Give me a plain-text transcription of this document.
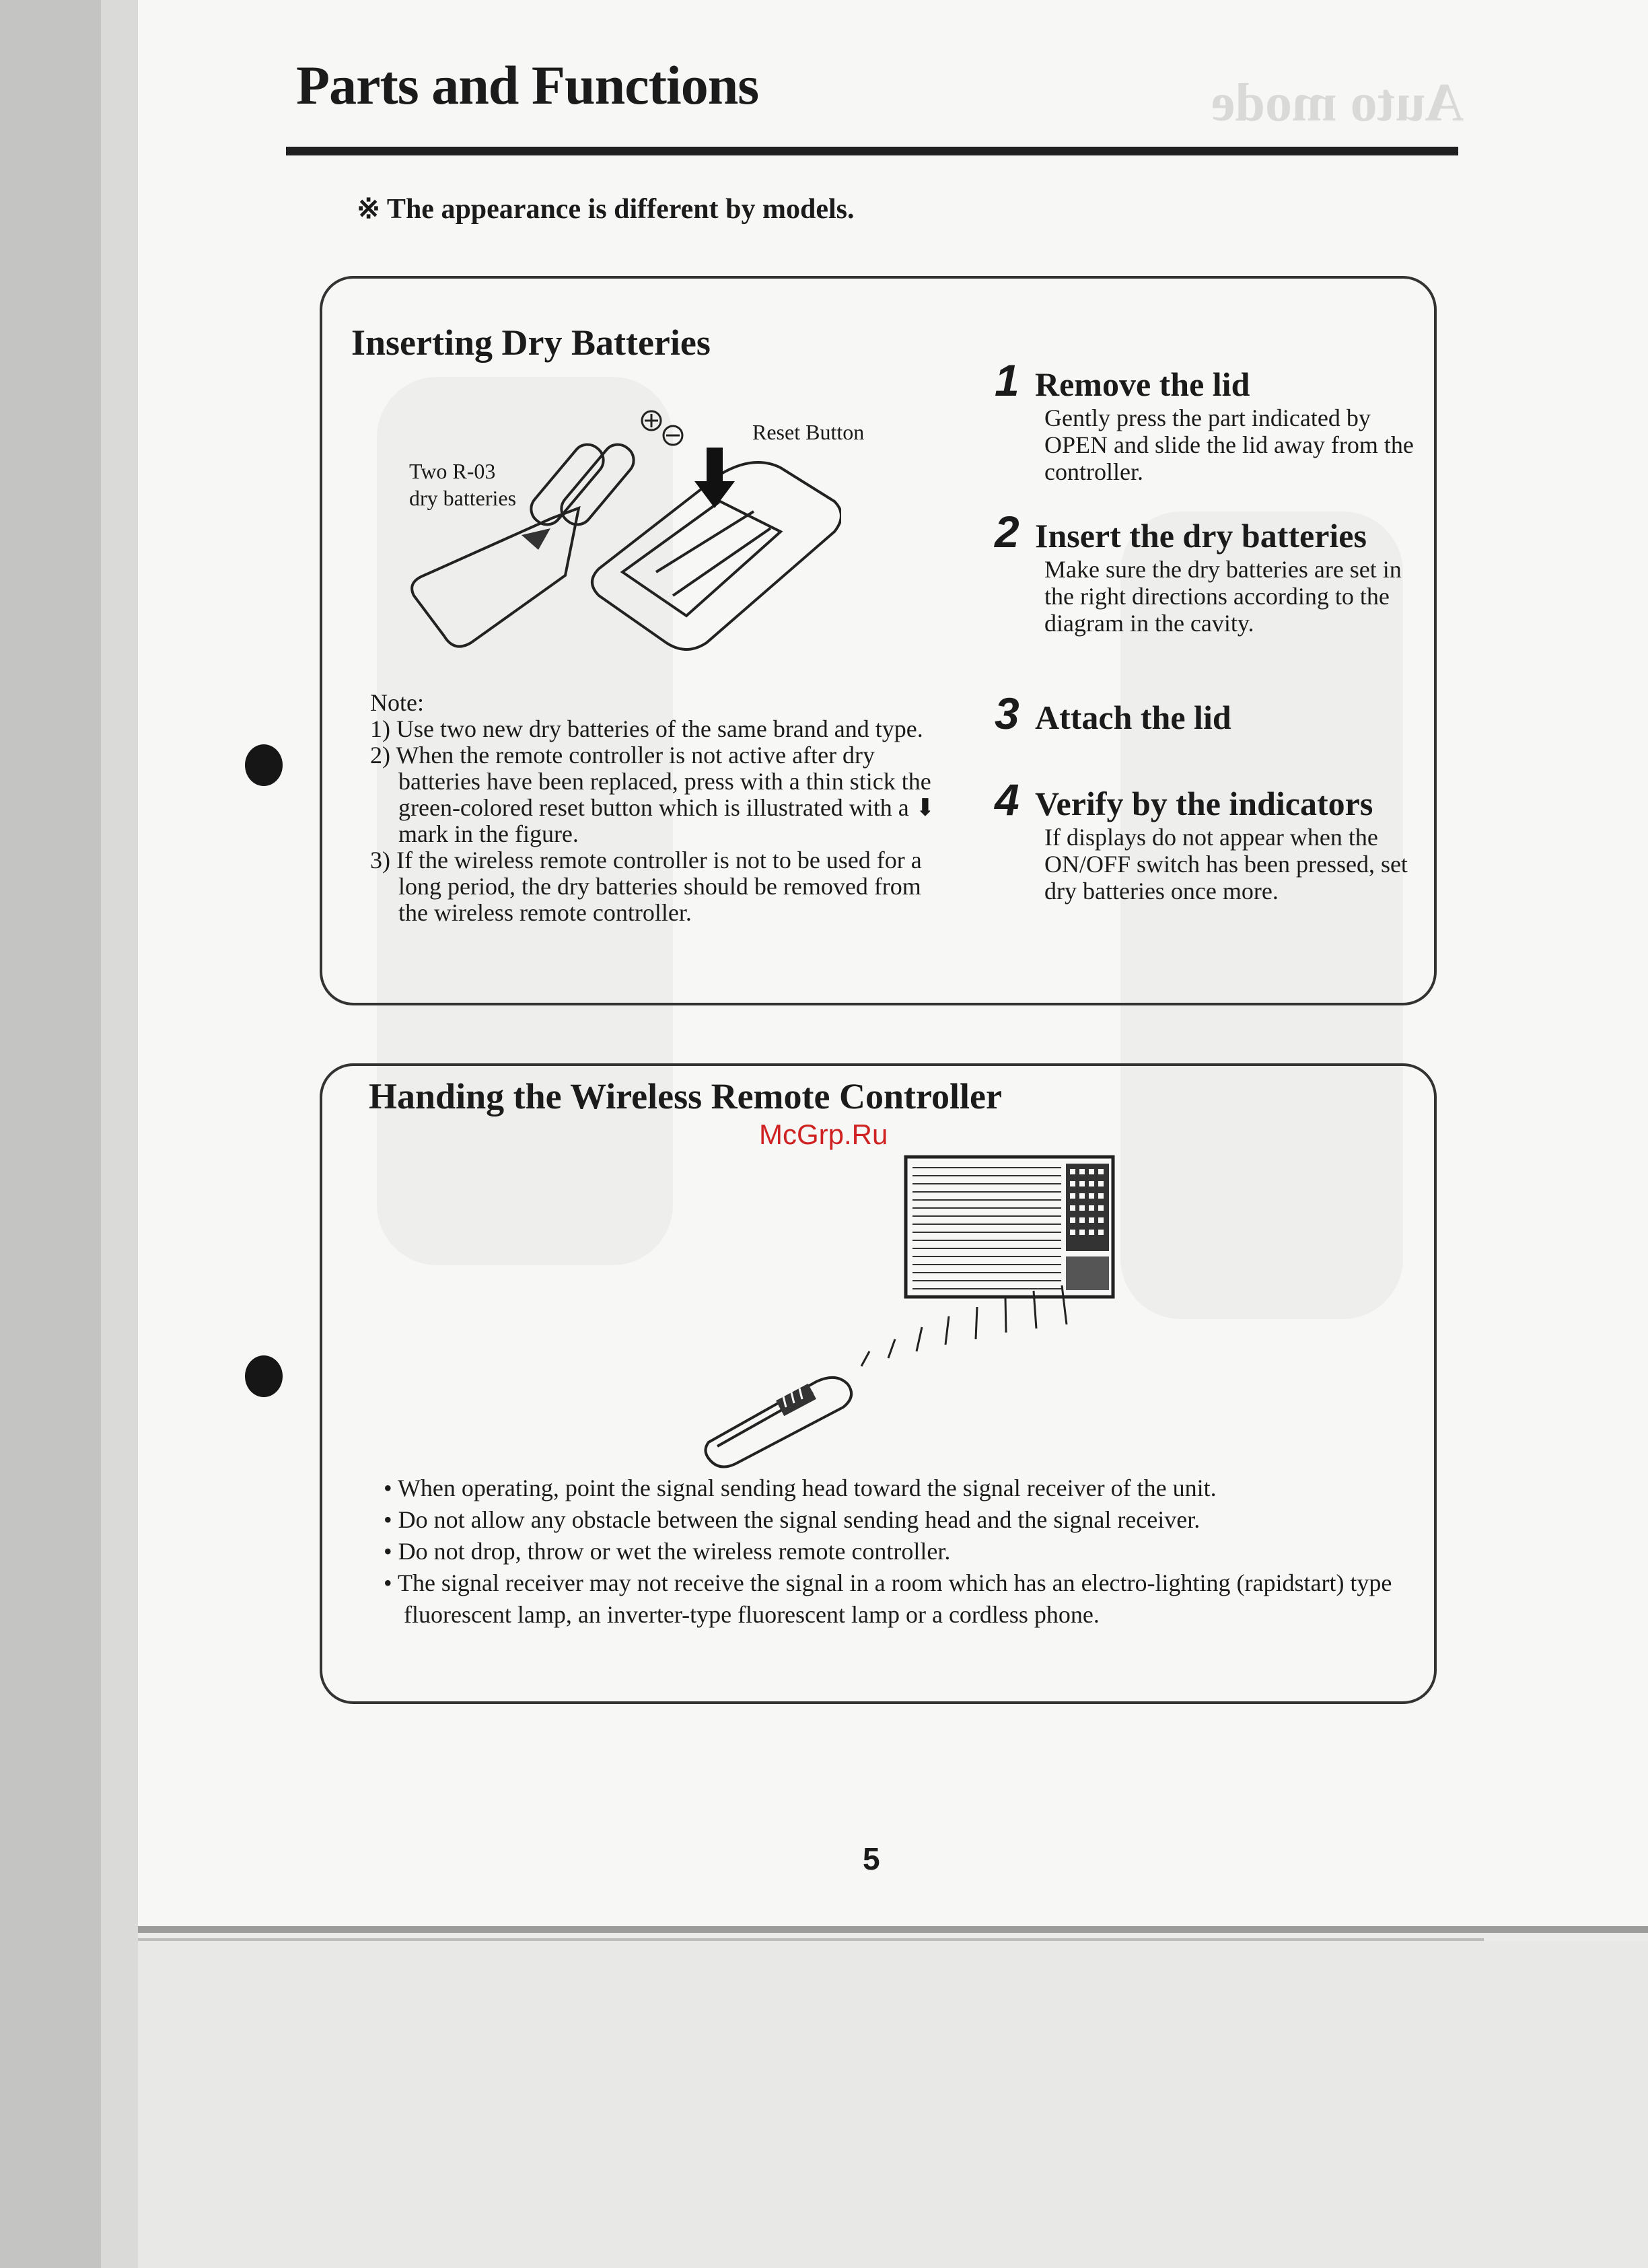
Auto mode
Parts and Functions
※ The appearance is different by models.
Inserting Dry Batteries
Two R-03
dry batteries
Reset Button

Note:

1) Use two new dry batteries of the same brand and type.

2) When the remote controller is not active after dry batteries have been replaced, press with a thin stick the green-colored reset button which is illustrated with a ⬇ mark in the figure.

3) If the wireless remote controller is not to be used for a long period, the dry batteries should be removed from the wireless remote controller.

1 Remove the lid
Gently press the part indicated by OPEN and slide the lid away from the controller.
2 Insert the dry batteries
Make sure the dry batteries are set in the right directions according to the diagram in the cavity.
3 Attach the lid
4 Verify by the indicators
If displays do not appear when the ON/OFF switch has been pressed, set dry batteries once more.
Handing the Wireless Remote Controller
McGrp.Ru

• When operating, point the signal sending head toward the signal receiver of the unit.

• Do not allow any obstacle between the signal sending head and the signal receiver.

• Do not drop, throw or wet the wireless remote controller.

• The signal receiver may not receive the signal in a room which has an electro-lighting (rapidstart) type fluorescent lamp, an inverter-type fluorescent lamp or a cordless phone.

5
